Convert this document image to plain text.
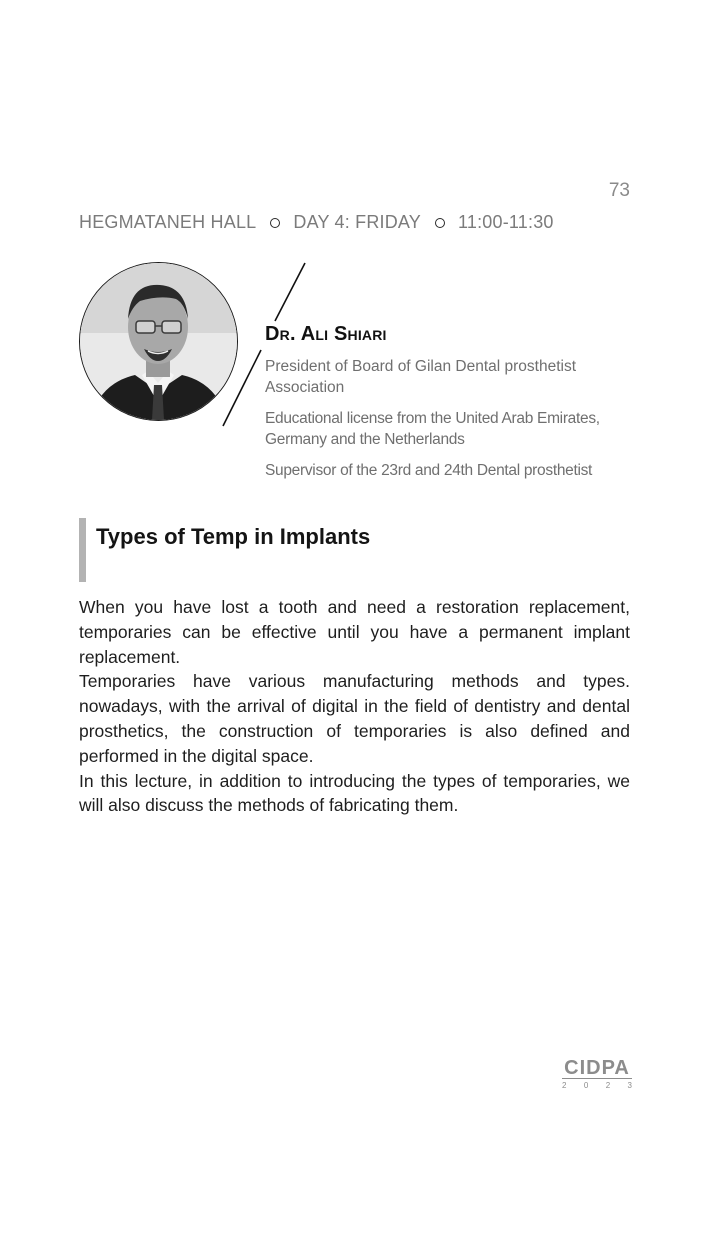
73
HEGMATANEH HALL DAY 4: FRIDAY 11:00-11:30
Dr. Ali Shiari
President of Board of Gilan Dental prosthetist Association
Educational license from the United Arab Emirates, Germany and the Netherlands
Supervisor of the 23rd and 24th Dental prosthetist
Types of Temp in Implants

When you have lost a tooth and need a restoration replacement, temporaries can be effective until you have a permanent implant replacement.

Temporaries have various manufacturing methods and types. nowadays, with the arrival of digital in the field of dentistry and dental prosthetics, the construction of temporaries is also defined and performed in the digital space.

In this lecture, in addition to introducing the types of temporaries, we will also discuss the methods of fabricating them.

CIDPA
2 0 2 3
